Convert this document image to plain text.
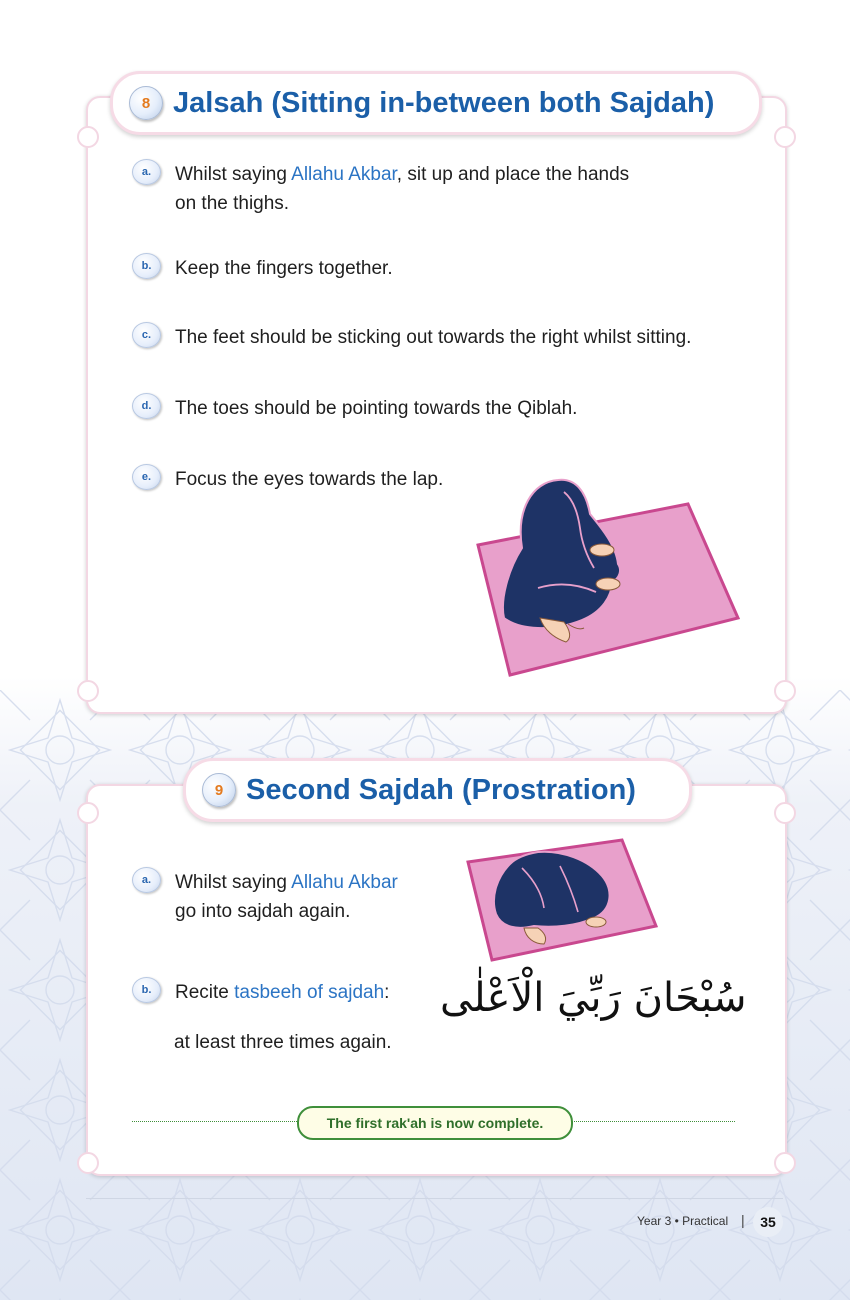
8 Jalsah (Sitting in-between both Sajdah)
a.	Whilst saying Allahu Akbar, sit up and place the hands
on the thighs.
b.	Keep the fingers together.
c.	The feet should be sticking out towards the right whilst sitting.
d.	The toes should be pointing towards the Qiblah.
e.	Focus the eyes towards the lap.
9 Second Sajdah (Prostration)
a.	Whilst saying Allahu Akbar
go into sajdah again.
b.	Recite tasbeeh of sajdah:
at least three times again.
سُبْحَانَ رَبِّيَ الْاَعْلٰى
The first rak'ah is now complete.
Year 3 • Practical |	35
